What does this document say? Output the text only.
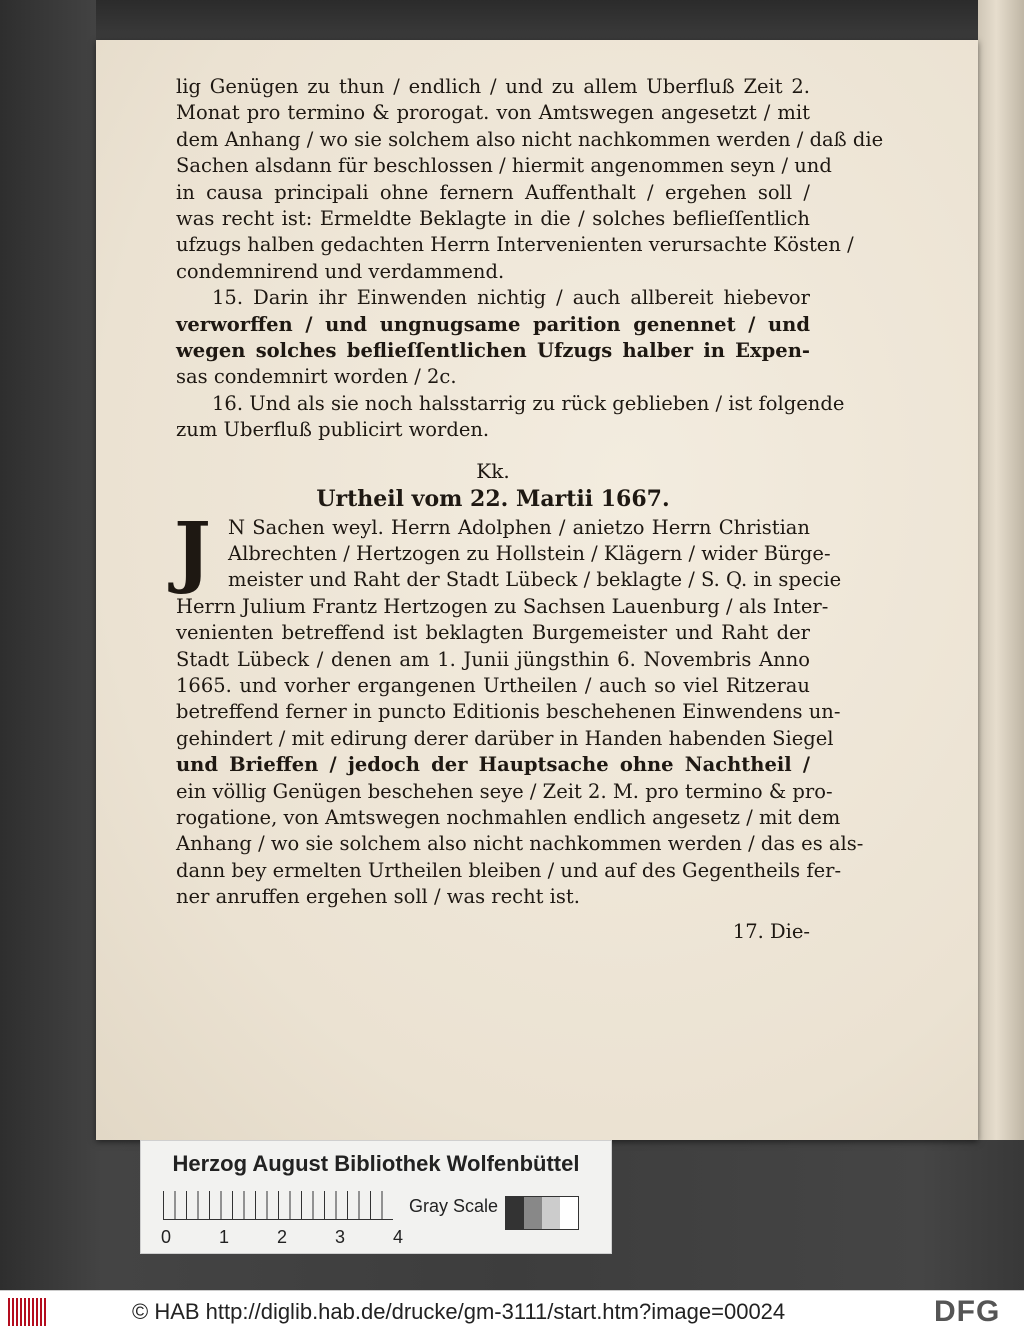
lig Genügen zu thun / endlich / und zu allem Uberfluß Zeit 2.
Monat pro termino & prorogat. von Amtswegen angesetzt / mit
dem Anhang / wo sie solchem also nicht nachkommen werden / daß die
Sachen alsdann für beschlossen / hiermit angenommen seyn / und
in causa principali ohne fernern Auffenthalt / ergehen soll /
was recht ist: Ermeldte Beklagte in die / solches beflieſſentlich
ufzugs halben gedachten Herrn Intervenienten verursachte Kösten /
condemnirend und verdammend.
15. Darin ihr Einwenden nichtig / auch allbereit hiebevor
verworffen / und ungnugsame parition genennet / und
wegen solches beflieſſentlichen Ufzugs halber in Expen-
sas condemnirt worden / 2c.
16. Und als sie noch halsstarrig zu rück geblieben / ist folgende
zum Uberfluß publicirt worden.
Kk.
Urtheil vom 22. Martii 1667.
J N Sachen weyl. Herrn Adolphen / anietzo Herrn Christian
Albrechten / Hertzogen zu Hollstein / Klägern / wider Bürge-
meister und Raht der Stadt Lübeck / beklagte / S. Q. in specie
Herrn Julium Frantz Hertzogen zu Sachsen Lauenburg / als Inter-
venienten betreffend ist beklagten Burgemeister und Raht der
Stadt Lübeck / denen am 1. Junii jüngsthin 6. Novembris Anno
1665. und vorher ergangenen Urtheilen / auch so viel Ritzerau
betreffend ferner in puncto Editionis beschehenen Einwendens un-
gehindert / mit edirung derer darüber in Handen habenden Siegel
und Brieffen / jedoch der Hauptsache ohne Nachtheil /
ein völlig Genügen beschehen seye / Zeit 2. M. pro termino & pro-
rogatione, von Amtswegen nochmahlen endlich angesetz / mit dem
Anhang / wo sie solchem also nicht nachkommen werden / das es als-
dann bey ermelten Urtheilen bleiben / und auf des Gegentheils fer-
ner anruffen ergehen soll / was recht ist.
17. Die-
Herzog August Bibliothek Wolfenbüttel
0	1	2	3	4
Gray Scale
© HAB http://diglib.hab.de/drucke/gm-3111/start.htm?image=00024	DFG
